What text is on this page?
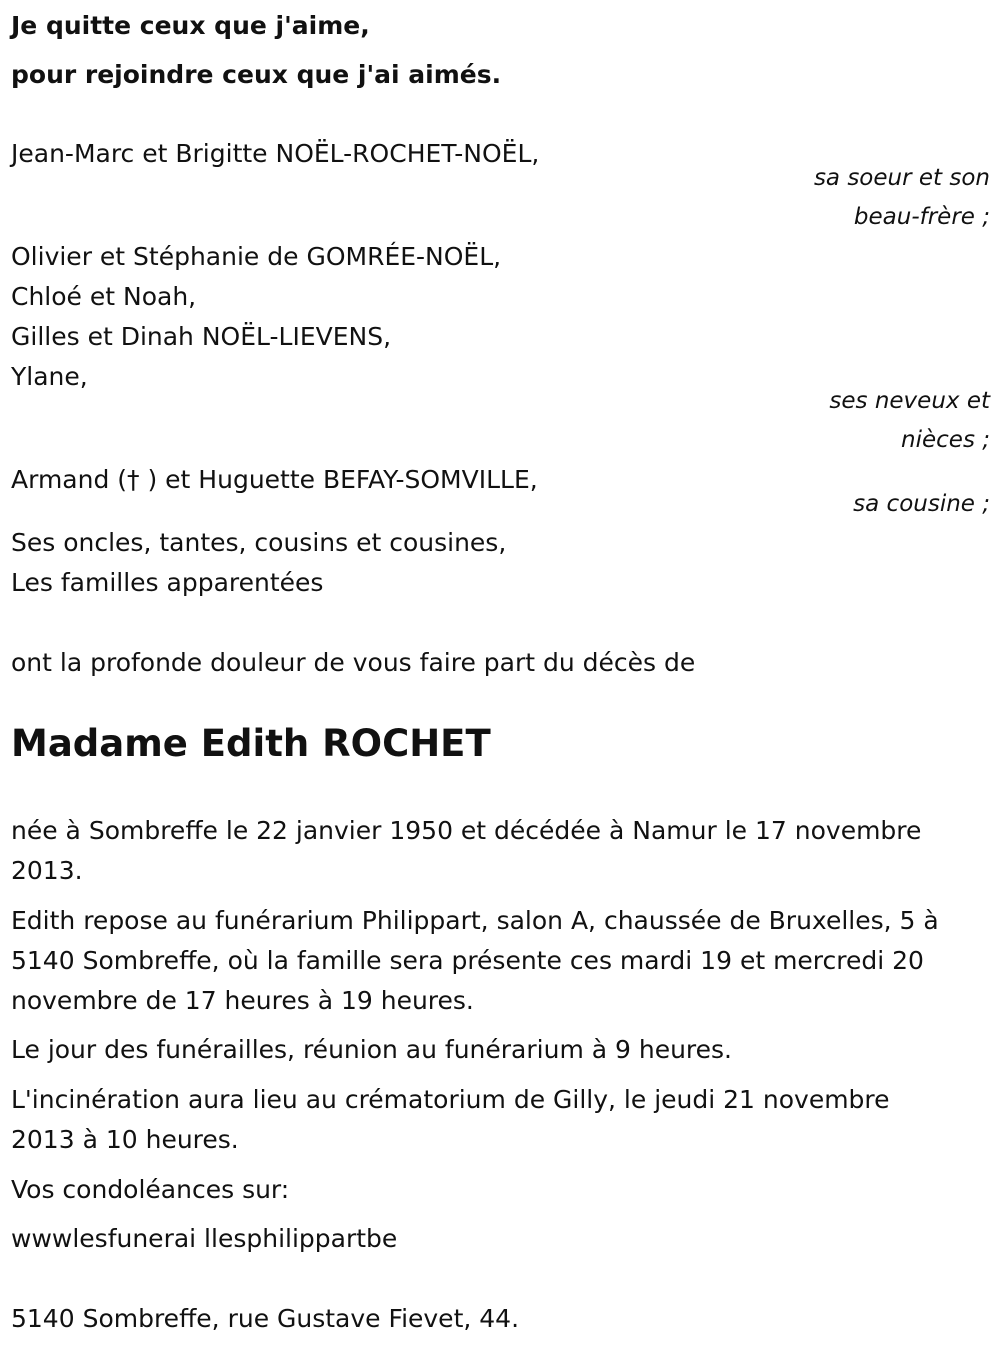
Je quitte ceux que j'aime,

pour rejoindre ceux que j'ai aimés.

Jean-Marc et Brigitte NOËL-ROCHET-NOËL,

sa soeur et son

beau-frère ;

Olivier et Stéphanie de GOMRÉE-NOËL,

Chloé et Noah,

Gilles et Dinah NOËL-LIEVENS,

Ylane,

ses neveux et

nièces ;

Armand († ) et Huguette BEFAY-SOMVILLE,

sa cousine ;

Ses oncles, tantes, cousins et cousines,

Les familles apparentées

ont la profonde douleur de vous faire part du décès de

Madame Edith ROCHET

née à Sombreffe le 22 janvier 1950 et décédée à Namur le 17 novembre

2013.

Edith repose au funérarium Philippart, salon A, chaussée de Bruxelles, 5 à

5140 Sombreffe, où la famille sera présente ces mardi 19 et mercredi 20

novembre de 17 heures à 19 heures.

Le jour des funérailles, réunion au funérarium à 9 heures.

L'incinération aura lieu au crématorium de Gilly, le jeudi 21 novembre

2013 à 10 heures.

Vos condoléances sur:

wwwlesfunerai llesphilippartbe

5140 Sombreffe, rue Gustave Fievet, 44.
